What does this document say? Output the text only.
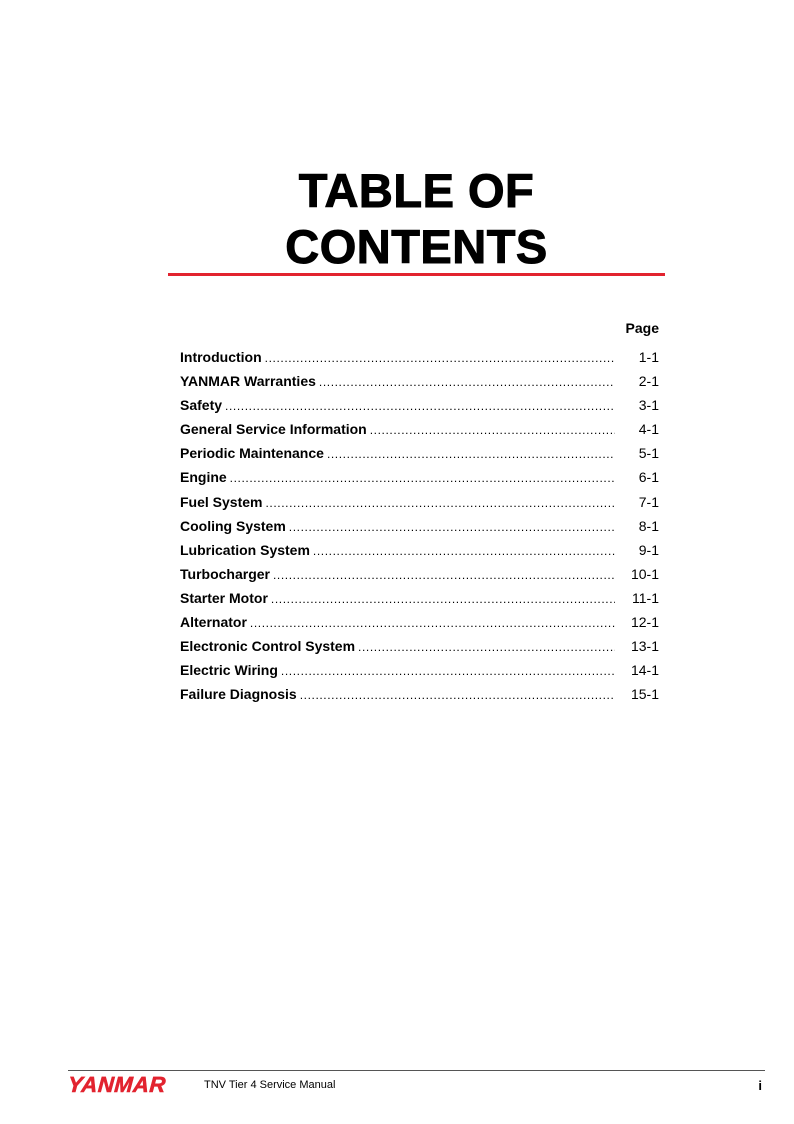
TABLE OF
CONTENTS
Page
Introduction .....	1-1
YANMAR Warranties .....	2-1
Safety .....	3-1
General Service Information .....	4-1
Periodic Maintenance .....	5-1
Engine .....	6-1
Fuel System .....	7-1
Cooling System .....	8-1
Lubrication System .....	9-1
Turbocharger .....	10-1
Starter Motor .....	11-1
Alternator .....	12-1
Electronic Control System .....	13-1
Electric Wiring .....	14-1
Failure Diagnosis .....	15-1
YANMAR	TNV Tier 4 Service Manual	i
